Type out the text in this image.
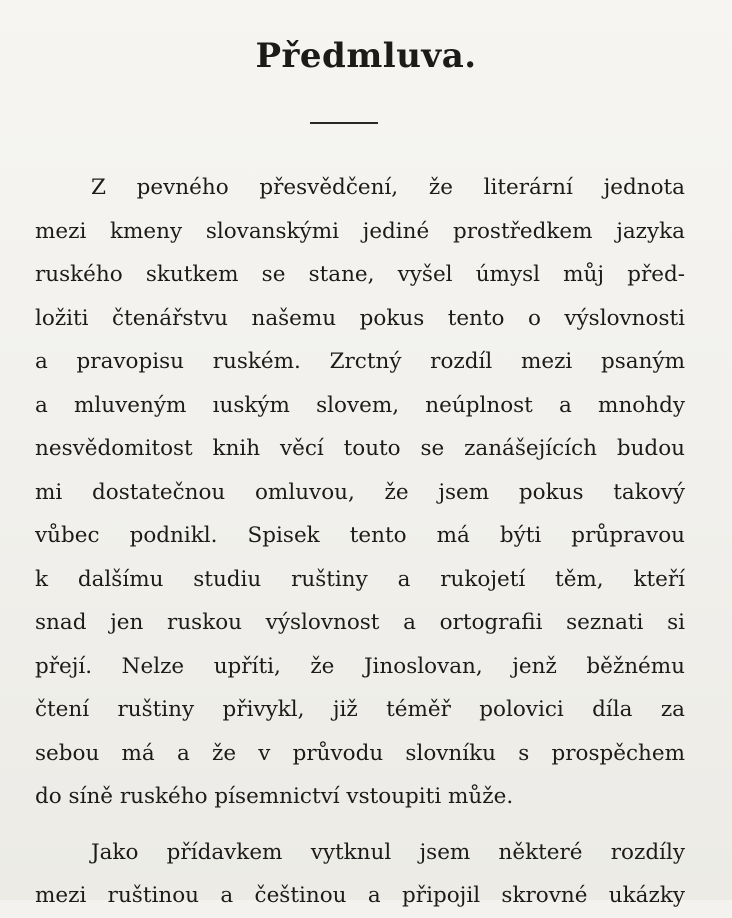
Předmluva.
Z pevného přesvědčení, že literární jednota
mezi kmeny slovanskými jediné prostředkem jazyka
ruského skutkem se stane, vyšel úmysl můj před-
ložiti čtenářstvu našemu pokus tento o výslovnosti
a pravopisu ruském. Zrctný rozdíl mezi psaným
a mluveným ıuským slovem, neúplnost a mnohdy
nesvědomitost knih věcí touto se zanášejících budou
mi dostatečnou omluvou, že jsem pokus takový
vůbec podnikl. Spisek tento má býti průpravou
k dalšímu studiu ruštiny a rukojetí těm, kteří
snad jen ruskou výslovnost a ortografii seznati si
přejí. Nelze upříti, že Jinoslovan, jenž běžnému
čtení ruštiny přivykl, již téměř polovici díla za
sebou má a že v průvodu slovníku s prospěchem
do síně ruského písemnictví vstoupiti může.
Jako přídavkem vytknul jsem některé rozdíly
mezi ruštinou a češtinou a připojil skrovné ukázky
